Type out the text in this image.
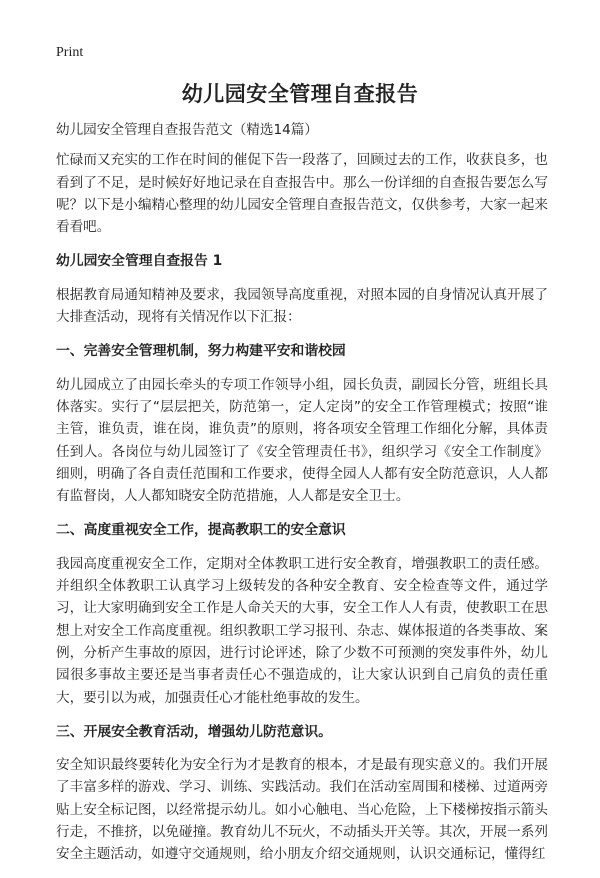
Print
幼儿园安全管理自查报告

幼儿园安全管理自查报告范文（精选14篇）

忙碌而又充实的工作在时间的催促下告一段落了，回顾过去的工作，收获良多，也看到了不足，是时候好好地记录在自查报告中。那么一份详细的自查报告要怎么写呢？以下是小编精心整理的幼儿园安全管理自查报告范文，仅供参考，大家一起来看看吧。

幼儿园安全管理自查报告 1

根据教育局通知精神及要求，我园领导高度重视，对照本园的自身情况认真开展了大排查活动，现将有关情况作以下汇报：

一、完善安全管理机制，努力构建平安和谐校园

幼儿园成立了由园长牵头的专项工作领导小组，园长负责，副园长分管，班组长具体落实。实行了“层层把关，防范第一，定人定岗”的安全工作管理模式；按照“谁主管，谁负责，谁在岗，谁负责”的原则，将各项安全管理工作细化分解，具体责任到人。各岗位与幼儿园签订了《安全管理责任书》，组织学习《安全工作制度》细则，明确了各自责任范围和工作要求，使得全园人人都有安全防范意识，人人都有监督岗，人人都知晓安全防范措施，人人都是安全卫士。

二、高度重视安全工作，提高教职工的安全意识

我园高度重视安全工作，定期对全体教职工进行安全教育，增强教职工的责任感。并组织全体教职工认真学习上级转发的各种安全教育、安全检查等文件，通过学习，让大家明确到安全工作是人命关天的大事，安全工作人人有责，使教职工在思想上对安全工作高度重视。组织教职工学习报刊、杂志、媒体报道的各类事故、案例，分析产生事故的原因，进行讨论评述，除了少数不可预测的突发事件外，幼儿园很多事故主要还是当事者责任心不强造成的，让大家认识到自己肩负的责任重大，要引以为戒，加强责任心才能杜绝事故的发生。

三、开展安全教育活动，增强幼儿防范意识。

安全知识最终要转化为安全行为才是教育的根本，才是最有现实意义的。我们开展了丰富多样的游戏、学习、训练、实践活动。我们在活动室周围和楼梯、过道两旁贴上安全标记图，以经常提示幼儿。如小心触电、当心危险，上下楼梯按指示箭头行走，不推挤，以免碰撞。教育幼儿不玩火，不动插头开关等。其次，开展一系列安全主题活动，如遵守交通规则，给小朋友介绍交通规则，认识交通标记，懂得红
